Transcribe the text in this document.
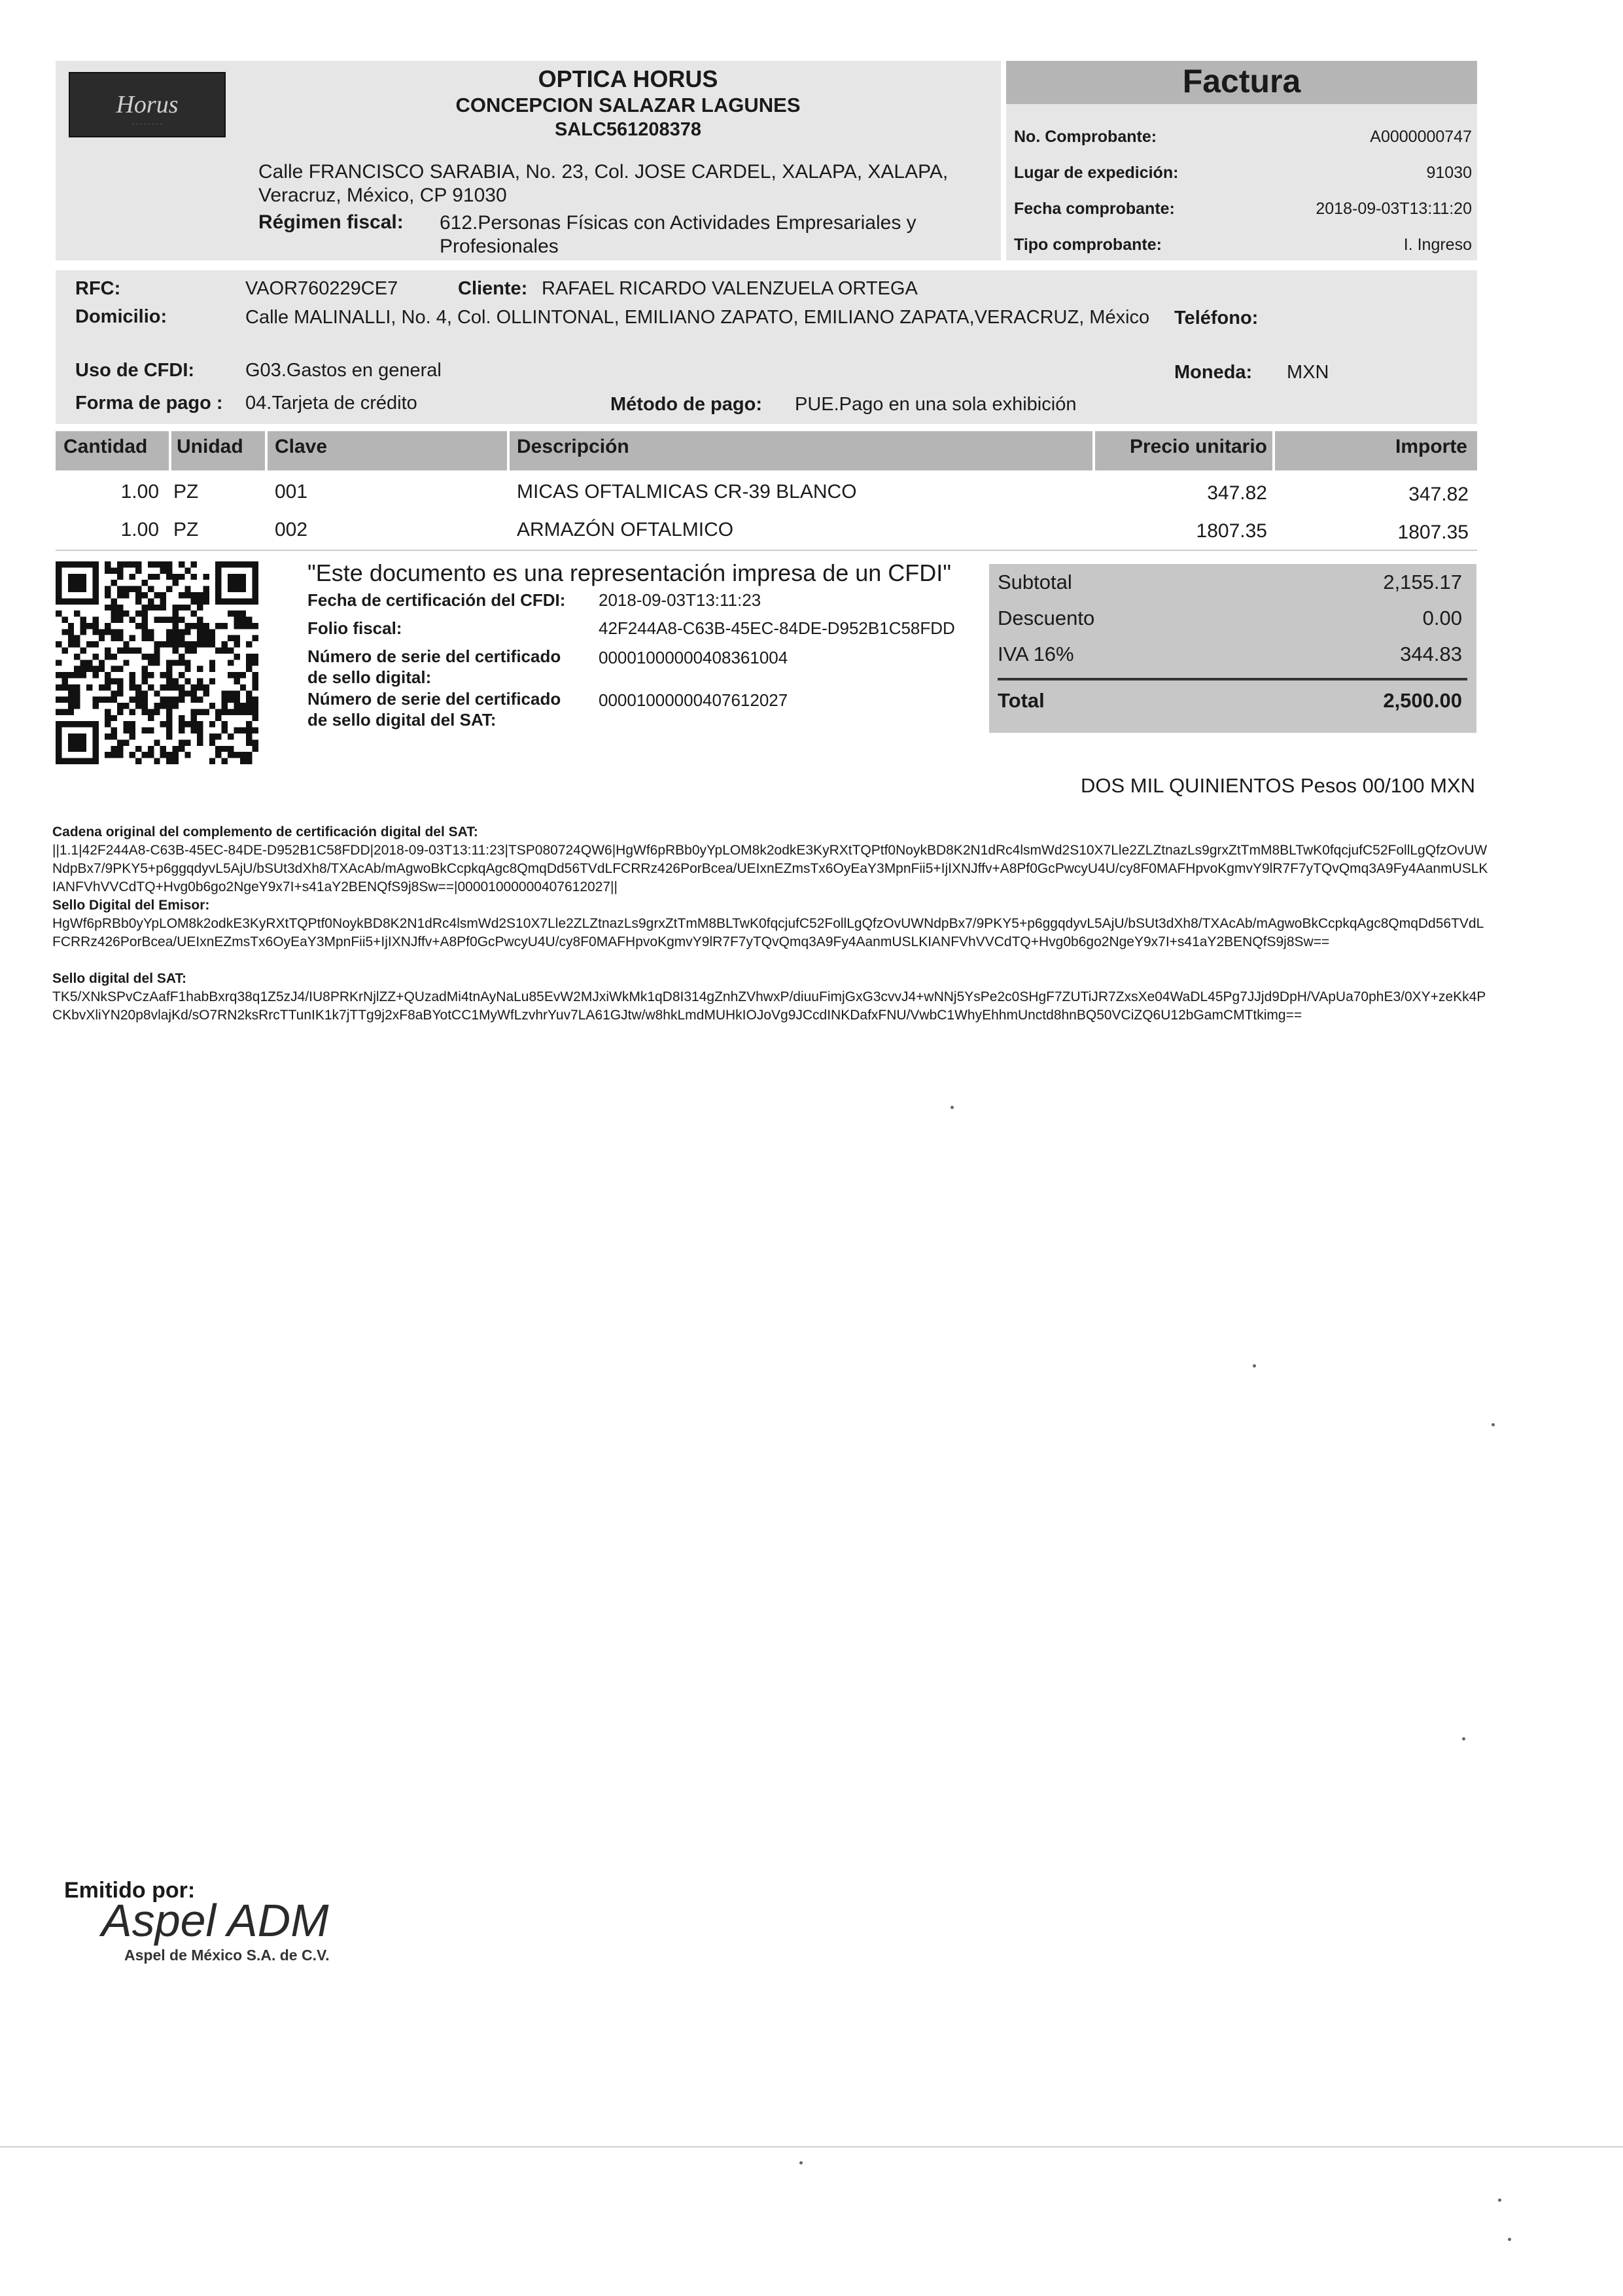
Horus
· · · · · · · ·
OPTICA HORUS
CONCEPCION SALAZAR LAGUNES
SALC561208378
Calle FRANCISCO SARABIA, No. 23, Col. JOSE CARDEL, XALAPA, XALAPA, Veracruz, México, CP 91030
Régimen fiscal: 612.Personas Físicas con Actividades Empresariales y Profesionales
Factura
No. Comprobante:	A0000000747
Lugar de expedición:	91030
Fecha comprobante:	2018-09-03T13:11:20
Tipo comprobante:	I. Ingreso
RFC:	VAOR760229CE7	Cliente: RAFAEL RICARDO VALENZUELA ORTEGA
Domicilio:	Calle MALINALLI, No. 4, Col. OLLINTONAL, EMILIANO ZAPATO, EMILIANO ZAPATA,VERACRUZ, México	Teléfono:
Uso de CFDI:	G03.Gastos en general	Moneda: MXN
Forma de pago : 04.Tarjeta de crédito	Método de pago: PUE.Pago en una sola exhibición
Cantidad Unidad Clave	Descripción	Precio unitario	Importe
1.00 PZ	001	MICAS OFTALMICAS CR-39 BLANCO	347.82	347.82
1.00 PZ	002	ARMAZÓN OFTALMICO	1807.35	1807.35
"Este documento es una representación impresa de un CFDI"
Fecha de certificación del CFDI: 2018-09-03T13:11:23
Folio fiscal:	42F244A8-C63B-45EC-84DE-D952B1C58FDD
Número de serie del certificado
de sello digital:
00001000000408361004
Número de serie del certificado
de sello digital del SAT:
00001000000407612027
Subtotal	2,155.17
Descuento	0.00
IVA 16%	344.83
Total	2,500.00
DOS MIL QUINIENTOS Pesos 00/100 MXN
Cadena original del complemento de certificación digital del SAT:
||1.1|42F244A8-C63B-45EC-84DE-D952B1C58FDD|2018-09-03T13:11:23|TSP080724QW6|HgWf6pRBb0yYpLOM8k2odkE3KyRXtTQPtf0NoykBD8K2N1dRc4lsmWd2S10X7Lle2ZLZtnazLs9grxZtTmM8BLTwK0fqcjufC52FollLgQfzOvUWNdpBx7/9PKY5+p6ggqdyvL5AjU/bSUt3dXh8/TXAcAb/mAgwoBkCcpkqAgc8QmqDd56TVdLFCRRz426PorBcea/UEIxnEZmsTx6OyEaY3MpnFii5+IjIXNJffv+A8Pf0GcPwcyU4U/cy8F0MAFHpvoKgmvY9lR7F7yTQvQmq3A9Fy4AanmUSLKIANFVhVVCdTQ+Hvg0b6go2NgeY9x7I+s41aY2BENQfS9j8Sw==|00001000000407612027||
Sello Digital del Emisor:
HgWf6pRBb0yYpLOM8k2odkE3KyRXtTQPtf0NoykBD8K2N1dRc4lsmWd2S10X7Lle2ZLZtnazLs9grxZtTmM8BLTwK0fqcjufC52FollLgQfzOvUWNdpBx7/9PKY5+p6ggqdyvL5AjU/bSUt3dXh8/TXAcAb/mAgwoBkCcpkqAgc8QmqDd56TVdLFCRRz426PorBcea/UEIxnEZmsTx6OyEaY3MpnFii5+IjIXNJffv+A8Pf0GcPwcyU4U/cy8F0MAFHpvoKgmvY9lR7F7yTQvQmq3A9Fy4AanmUSLKIANFVhVVCdTQ+Hvg0b6go2NgeY9x7I+s41aY2BENQfS9j8Sw==
Sello digital del SAT:
TK5/XNkSPvCzAafF1habBxrq38q1Z5zJ4/IU8PRKrNjlZZ+QUzadMi4tnAyNaLu85EvW2MJxiWkMk1qD8I314gZnhZVhwxP/diuuFimjGxG3cvvJ4+wNNj5YsPe2c0SHgF7ZUTiJR7ZxsXe04WaDL45Pg7JJjd9DpH/VApUa70phE3/0XY+zeKk4PCKbvXliYN20p8vlajKd/sO7RN2ksRrcTTunIK1k7jTTg9j2xF8aBYotCC1MyWfLzvhrYuv7LA61GJtw/w8hkLmdMUHkIOJoVg9JCcdINKDafxFNU/VwbC1WhyEhhmUnctd8hnBQ50VCiZQ6U12bGamCMTtkimg==
Emitido por:
Aspel ADM
Aspel de México S.A. de C.V.
